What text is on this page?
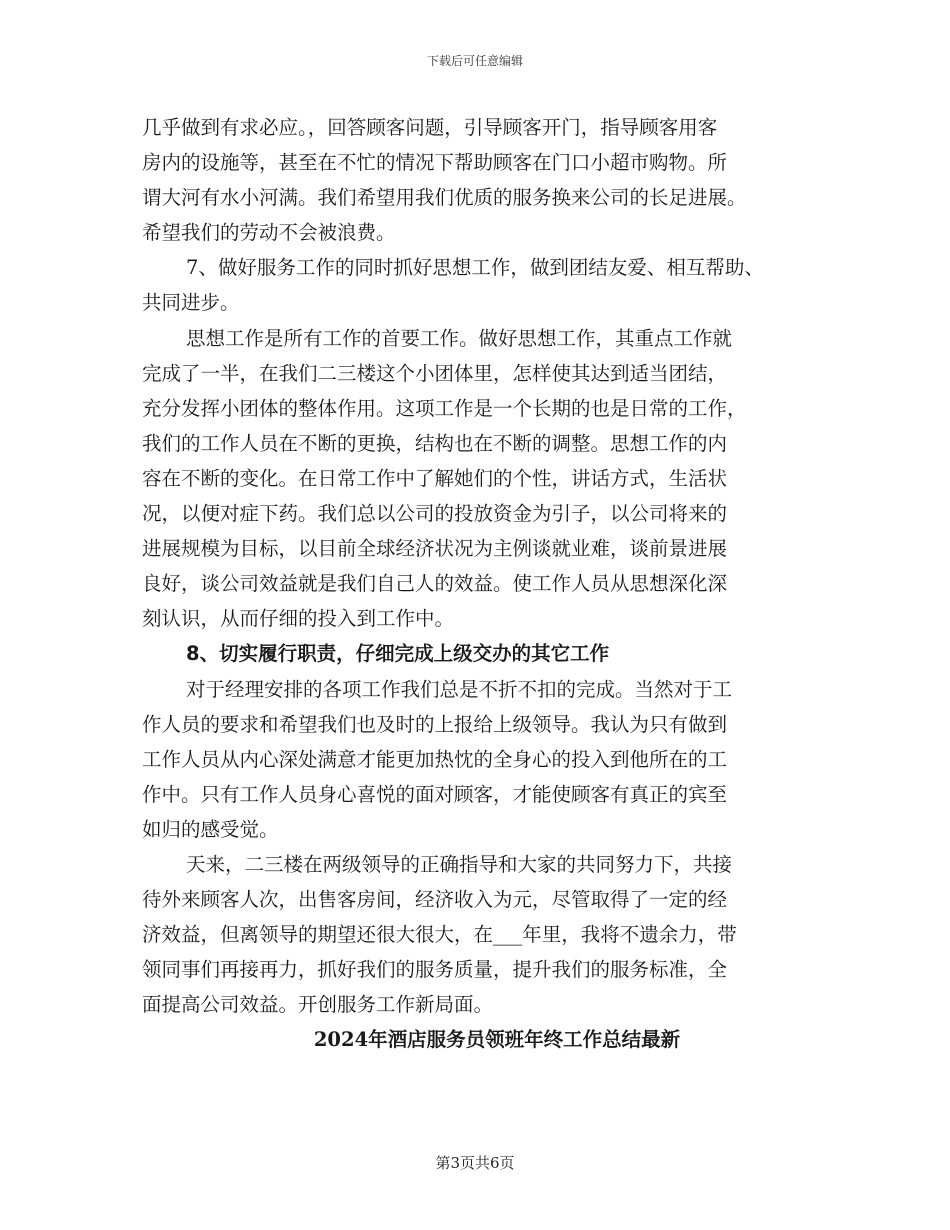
下载后可任意编辑
几乎做到有求必应。，回答顾客问题，引导顾客开门，指导顾客用客
房内的设施等，甚至在不忙的情况下帮助顾客在门口小超市购物。所
谓大河有水小河满。我们希望用我们优质的服务换来公司的长足进展。
希望我们的劳动不会被浪费。
7、做好服务工作的同时抓好思想工作，做到团结友爱、相互帮助、
共同进步。
思想工作是所有工作的首要工作。做好思想工作，其重点工作就
完成了一半，在我们二三楼这个小团体里，怎样使其达到适当团结，
充分发挥小团体的整体作用。这项工作是一个长期的也是日常的工作，
我们的工作人员在不断的更换，结构也在不断的调整。思想工作的内
容在不断的变化。在日常工作中了解她们的个性，讲话方式，生活状
况，以便对症下药。我们总以公司的投放资金为引子，以公司将来的
进展规模为目标，以目前全球经济状况为主例谈就业难，谈前景进展
良好，谈公司效益就是我们自己人的效益。使工作人员从思想深化深
刻认识，从而仔细的投入到工作中。
8、切实履行职责，仔细完成上级交办的其它工作
对于经理安排的各项工作我们总是不折不扣的完成。当然对于工
作人员的要求和希望我们也及时的上报给上级领导。我认为只有做到
工作人员从内心深处满意才能更加热忱的全身心的投入到他所在的工
作中。只有工作人员身心喜悦的面对顾客，才能使顾客有真正的宾至
如归的感受觉。
天来，二三楼在两级领导的正确指导和大家的共同努力下，共接
待外来顾客人次，出售客房间，经济收入为元，尽管取得了一定的经
济效益，但离领导的期望还很大很大，在___年里，我将不遗余力，带
领同事们再接再力，抓好我们的服务质量，提升我们的服务标准，全
面提高公司效益。开创服务工作新局面。
2024年酒店服务员领班年终工作总结最新
第3页共6页
